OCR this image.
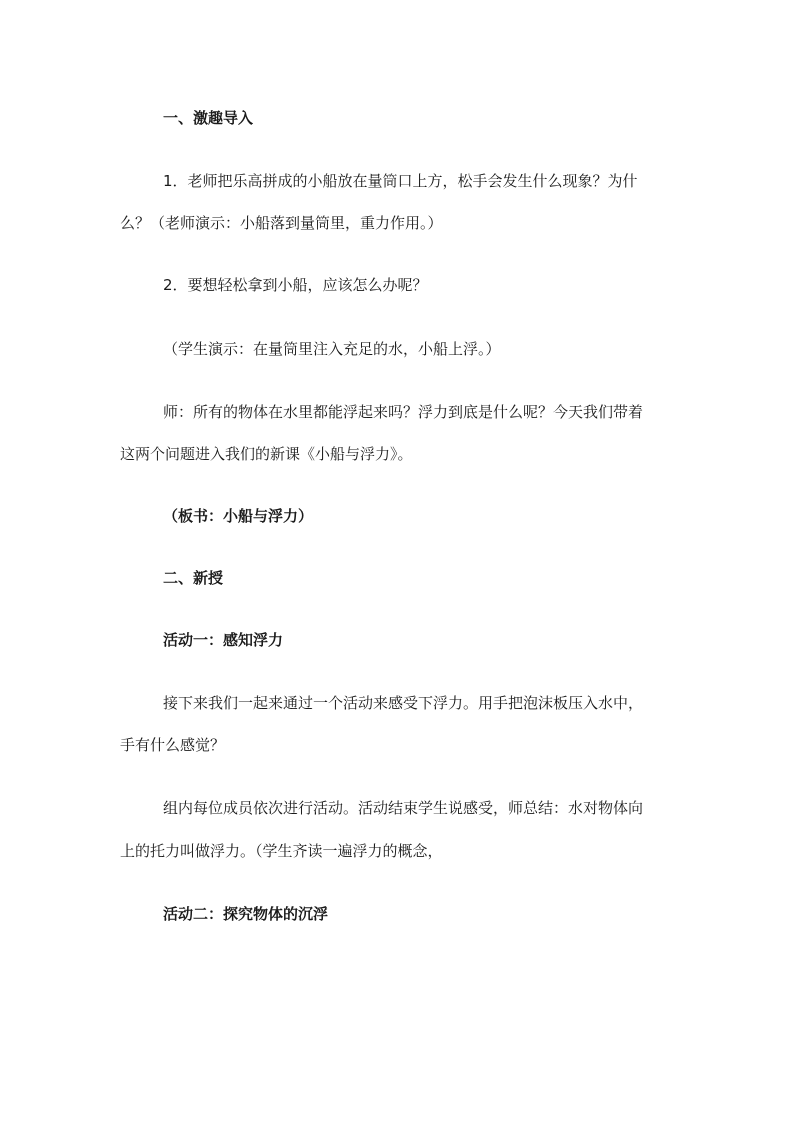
一、激趣导入
1．老师把乐高拼成的小船放在量筒口上方，松手会发生什么现象？为什
么？（老师演示：小船落到量筒里，重力作用。）
2．要想轻松拿到小船，应该怎么办呢？
（学生演示：在量筒里注入充足的水，小船上浮。）
师：所有的物体在水里都能浮起来吗？浮力到底是什么呢？今天我们带着
这两个问题进入我们的新课《小船与浮力》。
（板书：小船与浮力）
二、新授
活动一：感知浮力
接下来我们一起来通过一个活动来感受下浮力。用手把泡沫板压入水中，
手有什么感觉？
组内每位成员依次进行活动。活动结束学生说感受，师总结：水对物体向
上的托力叫做浮力。（学生齐读一遍浮力的概念，
活动二：探究物体的沉浮
